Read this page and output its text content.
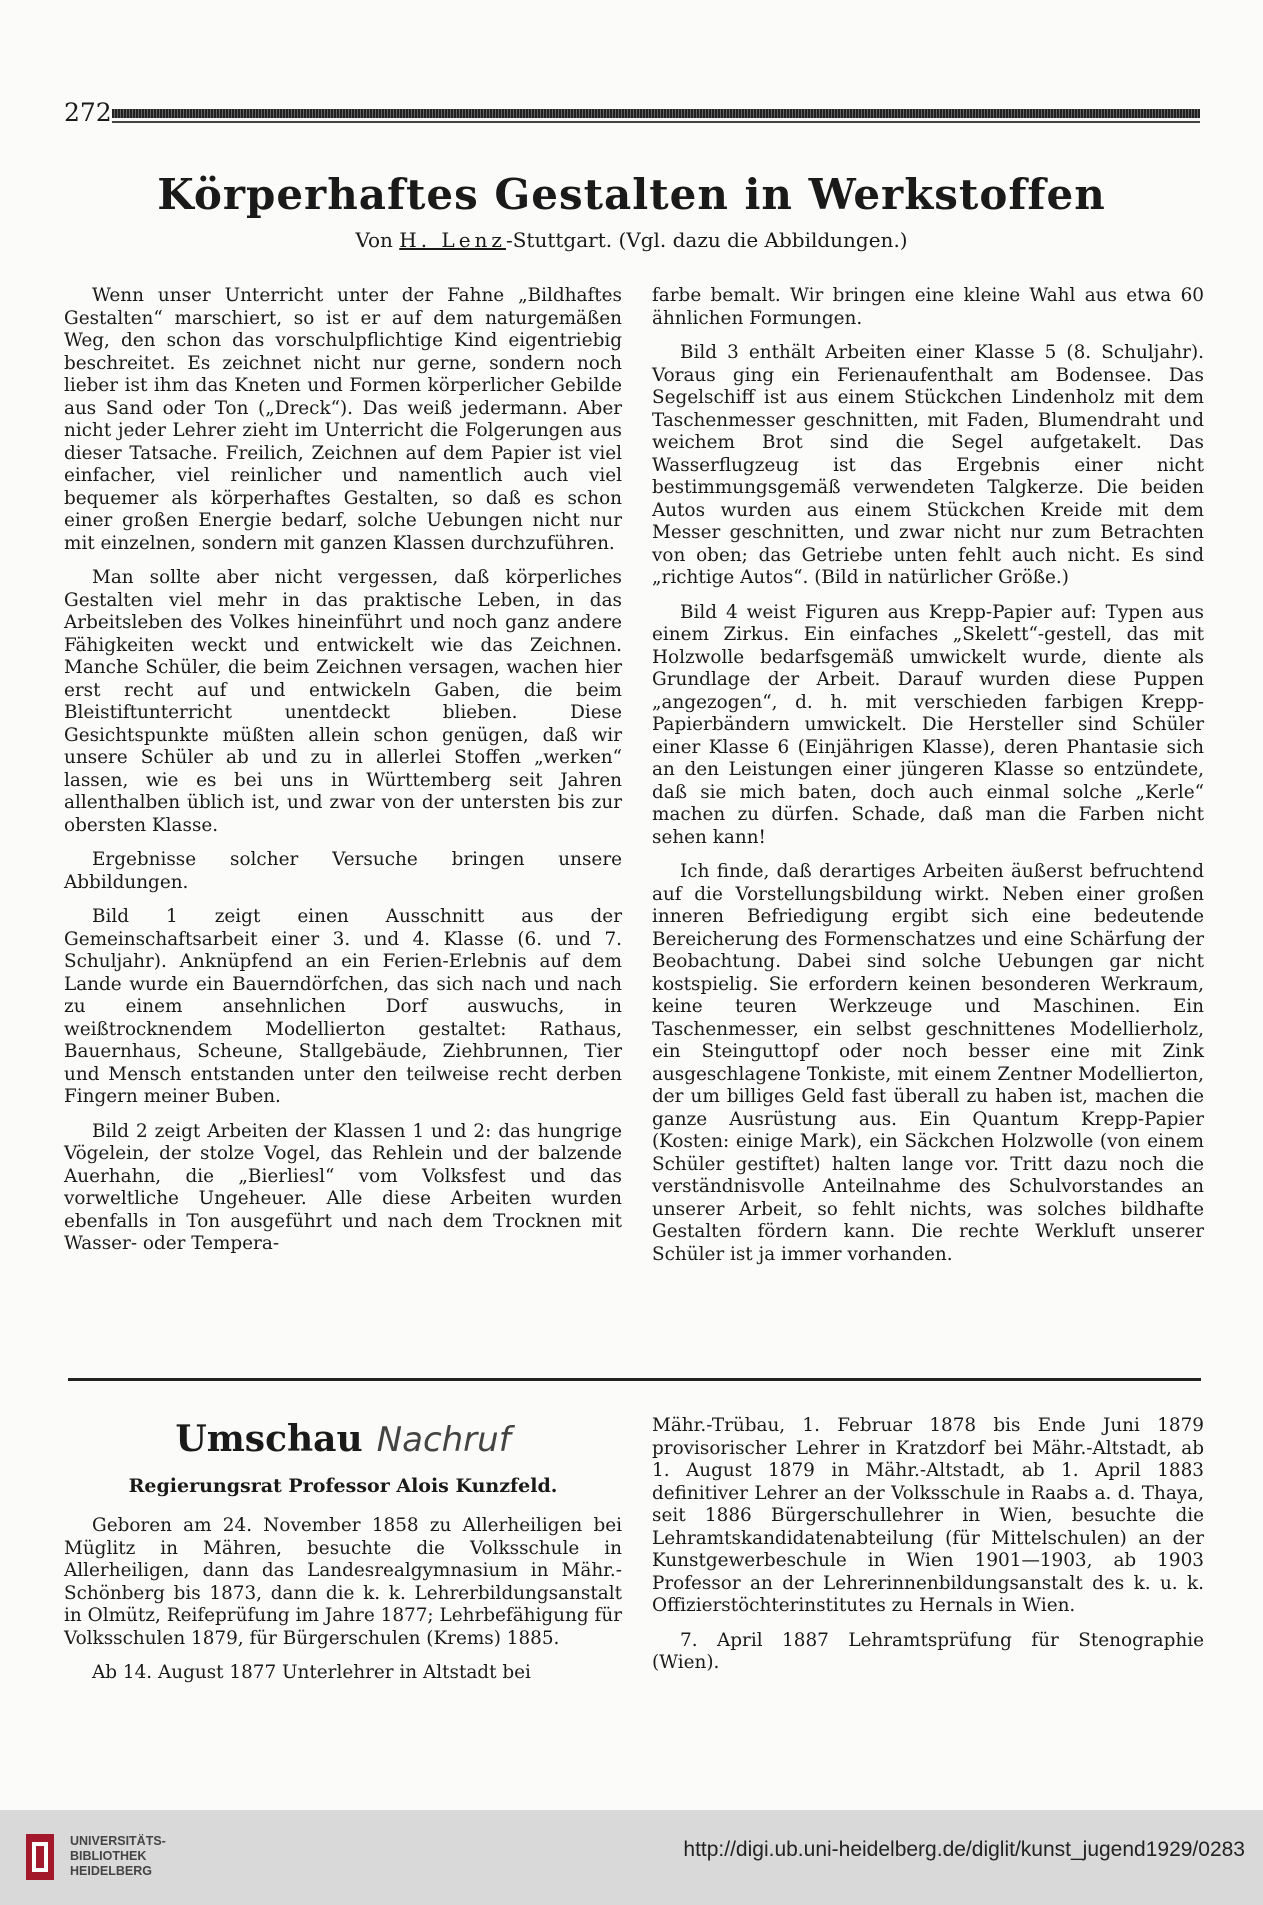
272
Körperhaftes Gestalten in Werkstoffen
Von H. Lenz-Stuttgart. (Vgl. dazu die Abbildungen.)

Wenn unser Unterricht unter der Fahne „Bildhaftes Gestalten“ marschiert, so ist er auf dem naturgemäßen Weg, den schon das vorschulpflichtige Kind eigentriebig beschreitet. Es zeichnet nicht nur gerne, sondern noch lieber ist ihm das Kneten und Formen körperlicher Gebilde aus Sand oder Ton („Dreck“). Das weiß jedermann. Aber nicht jeder Lehrer zieht im Unterricht die Folgerungen aus dieser Tatsache. Freilich, Zeichnen auf dem Papier ist viel einfacher, viel reinlicher und namentlich auch viel bequemer als körperhaftes Gestalten, so daß es schon einer großen Energie bedarf, solche Uebungen nicht nur mit einzelnen, sondern mit ganzen Klassen durchzuführen.

Man sollte aber nicht vergessen, daß körperliches Gestalten viel mehr in das praktische Leben, in das Arbeitsleben des Volkes hineinführt und noch ganz andere Fähigkeiten weckt und entwickelt wie das Zeichnen. Manche Schüler, die beim Zeichnen versagen, wachen hier erst recht auf und entwickeln Gaben, die beim Bleistiftunterricht unentdeckt blieben. Diese Gesichtspunkte müßten allein schon genügen, daß wir unsere Schüler ab und zu in allerlei Stoffen „werken“ lassen, wie es bei uns in Württemberg seit Jahren allenthalben üblich ist, und zwar von der untersten bis zur obersten Klasse.

Ergebnisse solcher Versuche bringen unsere Abbildungen.

Bild 1 zeigt einen Ausschnitt aus der Gemeinschaftsarbeit einer 3. und 4. Klasse (6. und 7. Schuljahr). Anknüpfend an ein Ferien-Erlebnis auf dem Lande wurde ein Bauerndörfchen, das sich nach und nach zu einem ansehnlichen Dorf auswuchs, in weißtrocknendem Modellierton gestaltet: Rathaus, Bauernhaus, Scheune, Stallgebäude, Ziehbrunnen, Tier und Mensch entstanden unter den teilweise recht derben Fingern meiner Buben.

Bild 2 zeigt Arbeiten der Klassen 1 und 2: das hungrige Vögelein, der stolze Vogel, das Rehlein und der balzende Auerhahn, die „Bierliesl“ vom Volksfest und das vorweltliche Ungeheuer. Alle diese Arbeiten wurden ebenfalls in Ton ausgeführt und nach dem Trocknen mit Wasser- oder Tempera-

farbe bemalt. Wir bringen eine kleine Wahl aus etwa 60 ähnlichen Formungen.

Bild 3 enthält Arbeiten einer Klasse 5 (8. Schuljahr). Voraus ging ein Ferienaufenthalt am Bodensee. Das Segelschiff ist aus einem Stückchen Lindenholz mit dem Taschenmesser geschnitten, mit Faden, Blumendraht und weichem Brot sind die Segel aufgetakelt. Das Wasserflugzeug ist das Ergebnis einer nicht bestimmungsgemäß verwendeten Talgkerze. Die beiden Autos wurden aus einem Stückchen Kreide mit dem Messer geschnitten, und zwar nicht nur zum Betrachten von oben; das Getriebe unten fehlt auch nicht. Es sind „richtige Autos“. (Bild in natürlicher Größe.)

Bild 4 weist Figuren aus Krepp-Papier auf: Typen aus einem Zirkus. Ein einfaches „Skelett“-gestell, das mit Holzwolle bedarfsgemäß umwickelt wurde, diente als Grundlage der Arbeit. Darauf wurden diese Puppen „angezogen“, d. h. mit verschieden farbigen Krepp-Papierbändern umwickelt. Die Hersteller sind Schüler einer Klasse 6 (Einjährigen Klasse), deren Phantasie sich an den Leistungen einer jüngeren Klasse so entzündete, daß sie mich baten, doch auch einmal solche „Kerle“ machen zu dürfen. Schade, daß man die Farben nicht sehen kann!

Ich finde, daß derartiges Arbeiten äußerst befruchtend auf die Vorstellungsbildung wirkt. Neben einer großen inneren Befriedigung ergibt sich eine bedeutende Bereicherung des Formenschatzes und eine Schärfung der Beobachtung. Dabei sind solche Uebungen gar nicht kostspielig. Sie erfordern keinen besonderen Werkraum, keine teuren Werkzeuge und Maschinen. Ein Taschenmesser, ein selbst geschnittenes Modellierholz, ein Steinguttopf oder noch besser eine mit Zink ausgeschlagene Tonkiste, mit einem Zentner Modellierton, der um billiges Geld fast überall zu haben ist, machen die ganze Ausrüstung aus. Ein Quantum Krepp-Papier (Kosten: einige Mark), ein Säckchen Holzwolle (von einem Schüler gestiftet) halten lange vor. Tritt dazu noch die verständnisvolle Anteilnahme des Schulvorstandes an unserer Arbeit, so fehlt nichts, was solches bildhafte Gestalten fördern kann. Die rechte Werkluft unserer Schüler ist ja immer vorhanden.

Umschau Nachruf
Regierungsrat Professor Alois Kunzfeld.

Geboren am 24. November 1858 zu Allerheiligen bei Müglitz in Mähren, besuchte die Volksschule in Allerheiligen, dann das Landesrealgymnasium in Mähr.-Schönberg bis 1873, dann die k. k. Lehrerbildungsanstalt in Olmütz, Reifeprüfung im Jahre 1877; Lehrbefähigung für Volksschulen 1879, für Bürgerschulen (Krems) 1885.

Ab 14. August 1877 Unterlehrer in Altstadt bei

Mähr.-Trübau, 1. Februar 1878 bis Ende Juni 1879 provisorischer Lehrer in Kratzdorf bei Mähr.-Altstadt, ab 1. August 1879 in Mähr.-Altstadt, ab 1. April 1883 definitiver Lehrer an der Volksschule in Raabs a. d. Thaya, seit 1886 Bürgerschullehrer in Wien, besuchte die Lehramtskandidatenabteilung (für Mittelschulen) an der Kunstgewerbeschule in Wien 1901—1903, ab 1903 Professor an der Lehrerinnenbildungsanstalt des k. u. k. Offizierstöchterinstitutes zu Hernals in Wien.

7. April 1887 Lehramtsprüfung für Stenographie (Wien).

UNIVERSITÄTS-
BIBLIOTHEK
HEIDELBERG
http://digi.ub.uni-heidelberg.de/diglit/kunst_jugend1929/0283
